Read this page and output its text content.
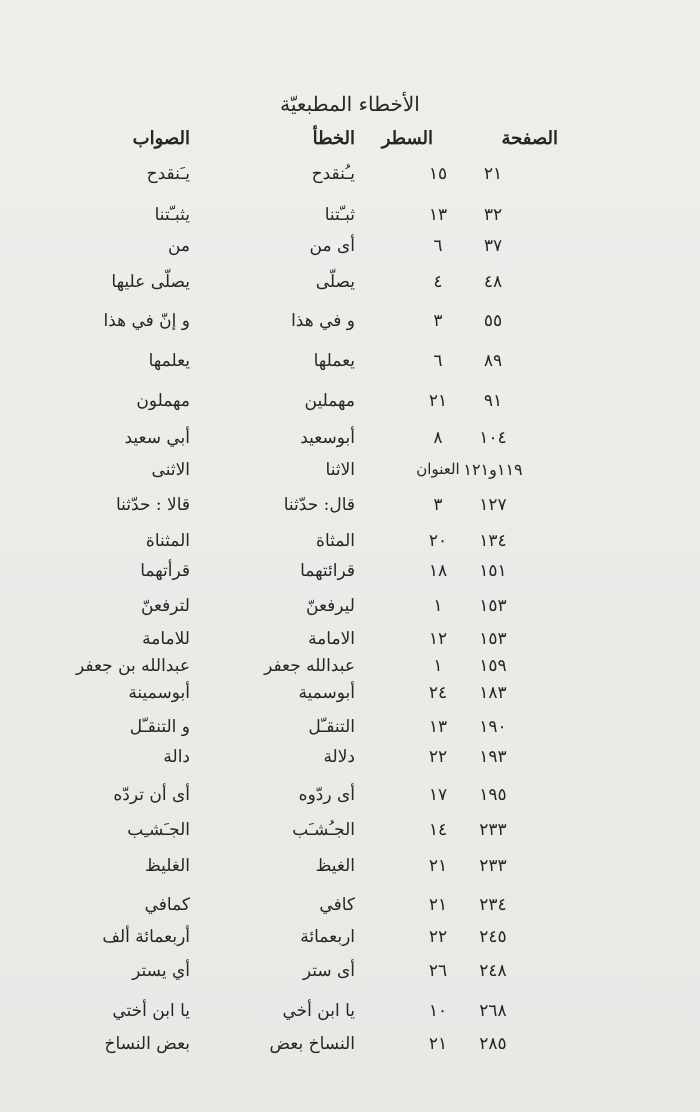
الأخطاء المطبعيّة
الصفحة
السطر
الخطأ
الصواب
٢١
١٥
يـُنقدح
يـَنقدح
٣٢
١٣
ثبـّتنا
يثبـّتنا
٣٧
٦
أى من
من
٤٨
٤
يصلّى
يصلّى عليها
٥٥
٣
و في هذا
و إنّ في هذا
٨٩
٦
يعملها
يعلمها
٩١
٢١
مهملين
مهملون
١٠٤
٨
أبوسعيد
أبي سعيد
١١٩و١٢١
العنوان
الاثنا
الاثنى
١٢٧
٣
قال: حدّثنا
قالا : حدّثنا
١٣٤
٢٠
المثاة
المثناة
١٥١
١٨
قرائتهما
قرأتهما
١٥٣
١
ليرفعنّ
لترفعنّ
١٥٣
١٢
الامامة
للامامة
١٥٩
١
عبدالله جعفر
عبدالله بن جعفر
١٨٣
٢٤
أبوسمية
أبوسمينة
١٩٠
١٣
التنقـّل
و التنقـّل
١٩٣
٢٢
دلالة
دالة
١٩٥
١٧
أى ردّوه
أى أن تردّه
٢٣٣
١٤
الجـُشـَب
الجـَشـِب
٢٣٣
٢١
الغيظ
الغليظ
٢٣٤
٢١
كافي
كمافي
٢٤٥
٢٢
اربعمائة
أربعمائة ألف
٢٤٨
٢٦
أى ستر
أي يستر
٢٦٨
١٠
يا ابن أخي
يا ابن أختي
٢٨٥
٢١
النساخ بعض
بعض النساخ
